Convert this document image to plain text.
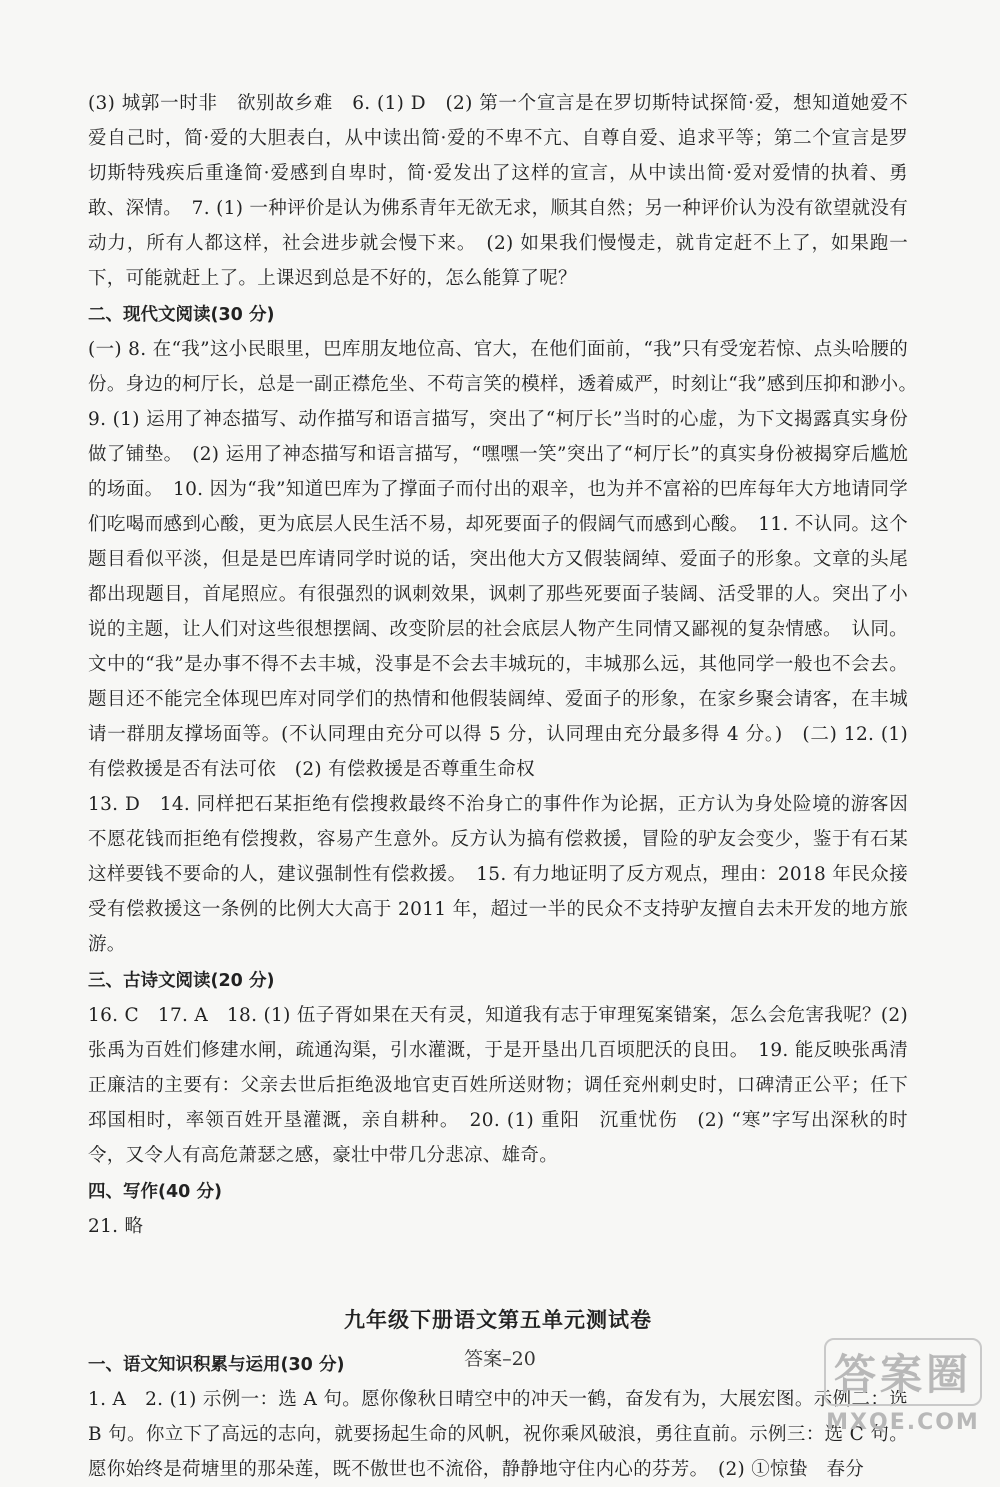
(3) 城郭一时非　欲别故乡难　6. (1) D　(2) 第一个宣言是在罗切斯特试探简·爱，想知道她爱不爱自己时，简·爱的大胆表白，从中读出简·爱的不卑不亢、自尊自爱、追求平等；第二个宣言是罗切斯特残疾后重逢简·爱感到自卑时，简·爱发出了这样的宣言，从中读出简·爱对爱情的执着、勇敢、深情。　7. (1) 一种评价是认为佛系青年无欲无求，顺其自然；另一种评价认为没有欲望就没有动力，所有人都这样，社会进步就会慢下来。　(2) 如果我们慢慢走，就肯定赶不上了，如果跑一下，可能就赶上了。上课迟到总是不好的，怎么能算了呢？

二、现代文阅读(30 分)

(一) 8. 在“我”这小民眼里，巴库朋友地位高、官大，在他们面前，“我”只有受宠若惊、点头哈腰的份。身边的柯厅长，总是一副正襟危坐、不苟言笑的模样，透着威严，时刻让“我”感到压抑和渺小。　9. (1) 运用了神态描写、动作描写和语言描写，突出了“柯厅长”当时的心虚，为下文揭露真实身份做了铺垫。　(2) 运用了神态描写和语言描写，“嘿嘿一笑”突出了“柯厅长”的真实身份被揭穿后尴尬的场面。　10. 因为“我”知道巴库为了撑面子而付出的艰辛，也为并不富裕的巴库每年大方地请同学们吃喝而感到心酸，更为底层人民生活不易，却死要面子的假阔气而感到心酸。　11. 不认同。这个题目看似平淡，但是是巴库请同学时说的话，突出他大方又假装阔绰、爱面子的形象。文章的头尾都出现题目，首尾照应。有很强烈的讽刺效果，讽刺了那些死要面子装阔、活受罪的人。突出了小说的主题，让人们对这些很想摆阔、改变阶层的社会底层人物产生同情又鄙视的复杂情感。　认同。文中的“我”是办事不得不去丰城，没事是不会去丰城玩的，丰城那么远，其他同学一般也不会去。题目还不能完全体现巴库对同学们的热情和他假装阔绰、爱面子的形象，在家乡聚会请客，在丰城请一群朋友撑场面等。(不认同理由充分可以得 5 分，认同理由充分最多得 4 分。)　(二) 12. (1) 有偿救援是否有法可依　(2) 有偿救援是否尊重生命权

13. D　14. 同样把石某拒绝有偿搜救最终不治身亡的事件作为论据，正方认为身处险境的游客因不愿花钱而拒绝有偿搜救，容易产生意外。反方认为搞有偿救援，冒险的驴友会变少，鉴于有石某这样要钱不要命的人，建议强制性有偿救援。　15. 有力地证明了反方观点，理由：2018 年民众接受有偿救援这一条例的比例大大高于 2011 年，超过一半的民众不支持驴友擅自去未开发的地方旅游。

三、古诗文阅读(20 分)

16. C　17. A　18. (1) 伍子胥如果在天有灵，知道我有志于审理冤案错案，怎么会危害我呢？(2) 张禹为百姓们修建水闸，疏通沟渠，引水灌溉，于是开垦出几百顷肥沃的良田。　19. 能反映张禹清正廉洁的主要有：父亲去世后拒绝汲地官吏百姓所送财物；调任兖州刺史时，口碑清正公平；任下邳国相时，率领百姓开垦灌溉，亲自耕种。　20. (1) 重阳　沉重忧伤　(2) “寒”字写出深秋的时令，又令人有高危萧瑟之感，豪壮中带几分悲凉、雄奇。

四、写作(40 分)

21. 略

九年级下册语文第五单元测试卷

一、语文知识积累与运用(30 分)

1. A　2. (1) 示例一：选 A 句。愿你像秋日晴空中的冲天一鹤，奋发有为，大展宏图。示例二：选 B 句。你立下了高远的志向，就要扬起生命的风帆，祝你乘风破浪，勇往直前。示例三：选 C 句。愿你始终是荷塘里的那朵莲，既不傲世也不流俗，静静地守住内心的芬芳。　(2) ①惊蛰　春分

答案–20	答案圈
MXQE.COM
